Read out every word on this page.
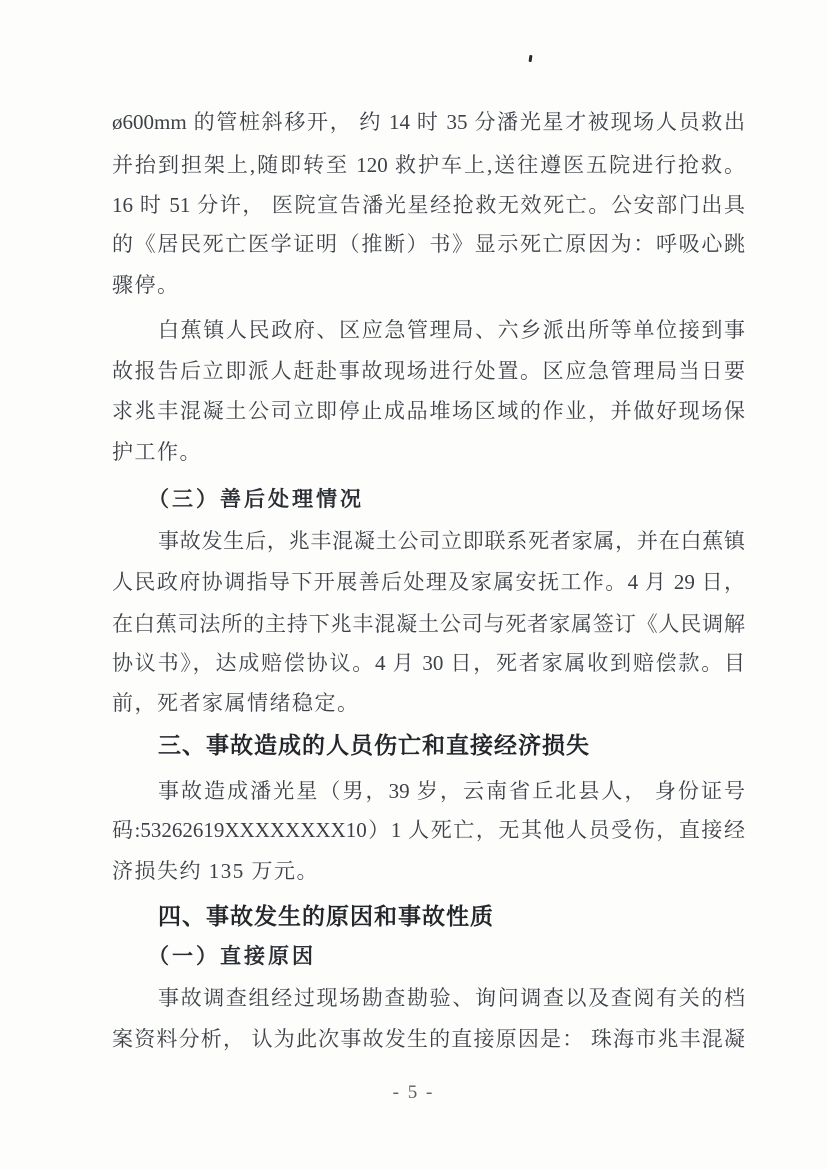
ø600mm 的管桩斜移开， 约 14 时 35 分潘光星才被现场人员救出
并抬到担架上,随即转至 120 救护车上,送往遵医五院进行抢救。
16 时 51 分许， 医院宣告潘光星经抢救无效死亡。公安部门出具
的《居民死亡医学证明（推断）书》显示死亡原因为：呼吸心跳
骤停。
白蕉镇人民政府、区应急管理局、六乡派出所等单位接到事
故报告后立即派人赶赴事故现场进行处置。区应急管理局当日要
求兆丰混凝土公司立即停止成品堆场区域的作业，并做好现场保
护工作。
（三）善后处理情况
事故发生后，兆丰混凝土公司立即联系死者家属，并在白蕉镇
人民政府协调指导下开展善后处理及家属安抚工作。4 月 29 日，
在白蕉司法所的主持下兆丰混凝土公司与死者家属签订《人民调解
协议书》，达成赔偿协议。4 月 30 日，死者家属收到赔偿款。目
前，死者家属情绪稳定。
三、事故造成的人员伤亡和直接经济损失
事故造成潘光星（男，39 岁，云南省丘北县人， 身份证号
码:53262619XXXXXXXX10）1 人死亡，无其他人员受伤，直接经
济损失约 135 万元。
四、事故发生的原因和事故性质
（一）直接原因
事故调查组经过现场勘查勘验、询问调查以及查阅有关的档
案资料分析， 认为此次事故发生的直接原因是： 珠海市兆丰混凝
- 5 -
